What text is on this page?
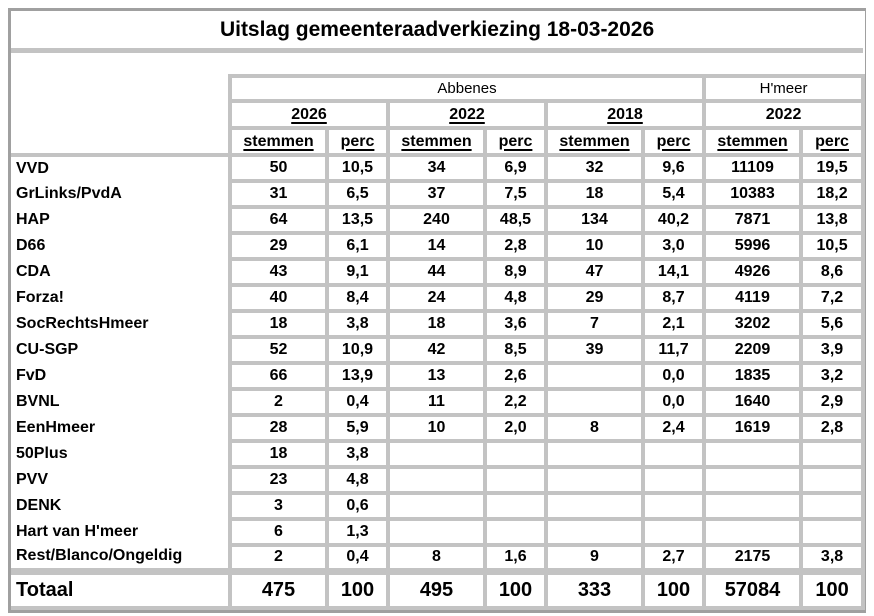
Uitslag gemeenteraadverkiezing 18-03-2026								

	Abbenes						H'meer	
	2026		2022		2018		2022	
	stemmen	perc	stemmen	perc	stemmen	perc	stemmen	perc
VVD	50	10,5	34	6,9	32	9,6	11109	19,5
GrLinks/PvdA	31	6,5	37	7,5	18	5,4	10383	18,2
HAP	64	13,5	240	48,5	134	40,2	7871	13,8
D66	29	6,1	14	2,8	10	3,0	5996	10,5
CDA	43	9,1	44	8,9	47	14,1	4926	8,6
Forza!	40	8,4	24	4,8	29	8,7	4119	7,2
SocRechtsHmeer	18	3,8	18	3,6	7	2,1	3202	5,6
CU-SGP	52	10,9	42	8,5	39	11,7	2209	3,9
FvD	66	13,9	13	2,6		0,0	1835	3,2
BVNL	2	0,4	11	2,2		0,0	1640	2,9
EenHmeer	28	5,9	10	2,0	8	2,4	1619	2,8
50Plus	18	3,8						
PVV	23	4,8						
DENK	3	0,6						
Hart van H'meer	6	1,3						
Rest/Blanco/Ongeldig	2	0,4	8	1,6	9	2,7	2175	3,8
Totaal	475	100	495	100	333	100	57084	100
